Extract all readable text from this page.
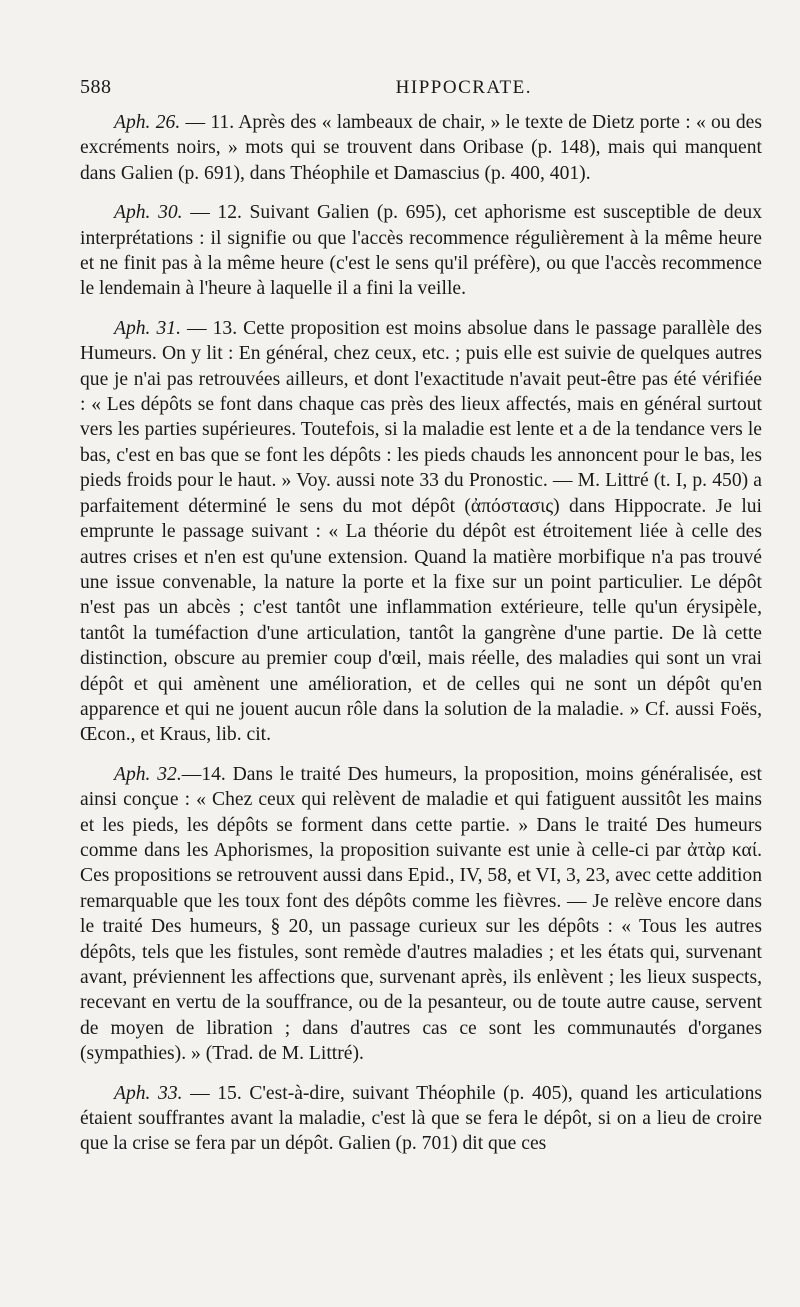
588	HIPPOCRATE.

Aph. 26. — 11. Après des « lambeaux de chair, » le texte de Dietz porte : « ou des excréments noirs, » mots qui se trouvent dans Oribase (p. 148), mais qui manquent dans Galien (p. 691), dans Théophile et Damascius (p. 400, 401).

Aph. 30. — 12. Suivant Galien (p. 695), cet aphorisme est susceptible de deux interprétations : il signifie ou que l'accès recommence régulièrement à la même heure et ne finit pas à la même heure (c'est le sens qu'il préfère), ou que l'accès recommence le lendemain à l'heure à laquelle il a fini la veille.

Aph. 31. — 13. Cette proposition est moins absolue dans le passage parallèle des Humeurs. On y lit : En général, chez ceux, etc. ; puis elle est suivie de quelques autres que je n'ai pas retrouvées ailleurs, et dont l'exactitude n'avait peut-être pas été vérifiée : « Les dépôts se font dans chaque cas près des lieux affectés, mais en général surtout vers les parties supérieures. Toutefois, si la maladie est lente et a de la tendance vers le bas, c'est en bas que se font les dépôts : les pieds chauds les annoncent pour le bas, les pieds froids pour le haut. » Voy. aussi note 33 du Pronostic. — M. Littré (t. I, p. 450) a parfaitement déterminé le sens du mot dépôt (ἀπόστασις) dans Hippocrate. Je lui emprunte le passage suivant : « La théorie du dépôt est étroitement liée à celle des autres crises et n'en est qu'une extension. Quand la matière morbifique n'a pas trouvé une issue convenable, la nature la porte et la fixe sur un point particulier. Le dépôt n'est pas un abcès ; c'est tantôt une inflammation extérieure, telle qu'un érysipèle, tantôt la tuméfaction d'une articulation, tantôt la gangrène d'une partie. De là cette distinction, obscure au premier coup d'œil, mais réelle, des maladies qui sont un vrai dépôt et qui amènent une amélioration, et de celles qui ne sont un dépôt qu'en apparence et qui ne jouent aucun rôle dans la solution de la maladie. » Cf. aussi Foës, Œcon., et Kraus, lib. cit.

Aph. 32.—14. Dans le traité Des humeurs, la proposition, moins généralisée, est ainsi conçue : « Chez ceux qui relèvent de maladie et qui fatiguent aussitôt les mains et les pieds, les dépôts se forment dans cette partie. » Dans le traité Des humeurs comme dans les Aphorismes, la proposition suivante est unie à celle-ci par ἀτὰρ καί. Ces propositions se retrouvent aussi dans Epid., IV, 58, et VI, 3, 23, avec cette addition remarquable que les toux font des dépôts comme les fièvres. — Je relève encore dans le traité Des humeurs, § 20, un passage curieux sur les dépôts : « Tous les autres dépôts, tels que les fistules, sont remède d'autres maladies ; et les états qui, survenant avant, préviennent les affections que, survenant après, ils enlèvent ; les lieux suspects, recevant en vertu de la souffrance, ou de la pesanteur, ou de toute autre cause, servent de moyen de libration ; dans d'autres cas ce sont les communautés d'organes (sympathies). » (Trad. de M. Littré).

Aph. 33. — 15. C'est-à-dire, suivant Théophile (p. 405), quand les articulations étaient souffrantes avant la maladie, c'est là que se fera le dépôt, si on a lieu de croire que la crise se fera par un dépôt. Galien (p. 701) dit que ces
